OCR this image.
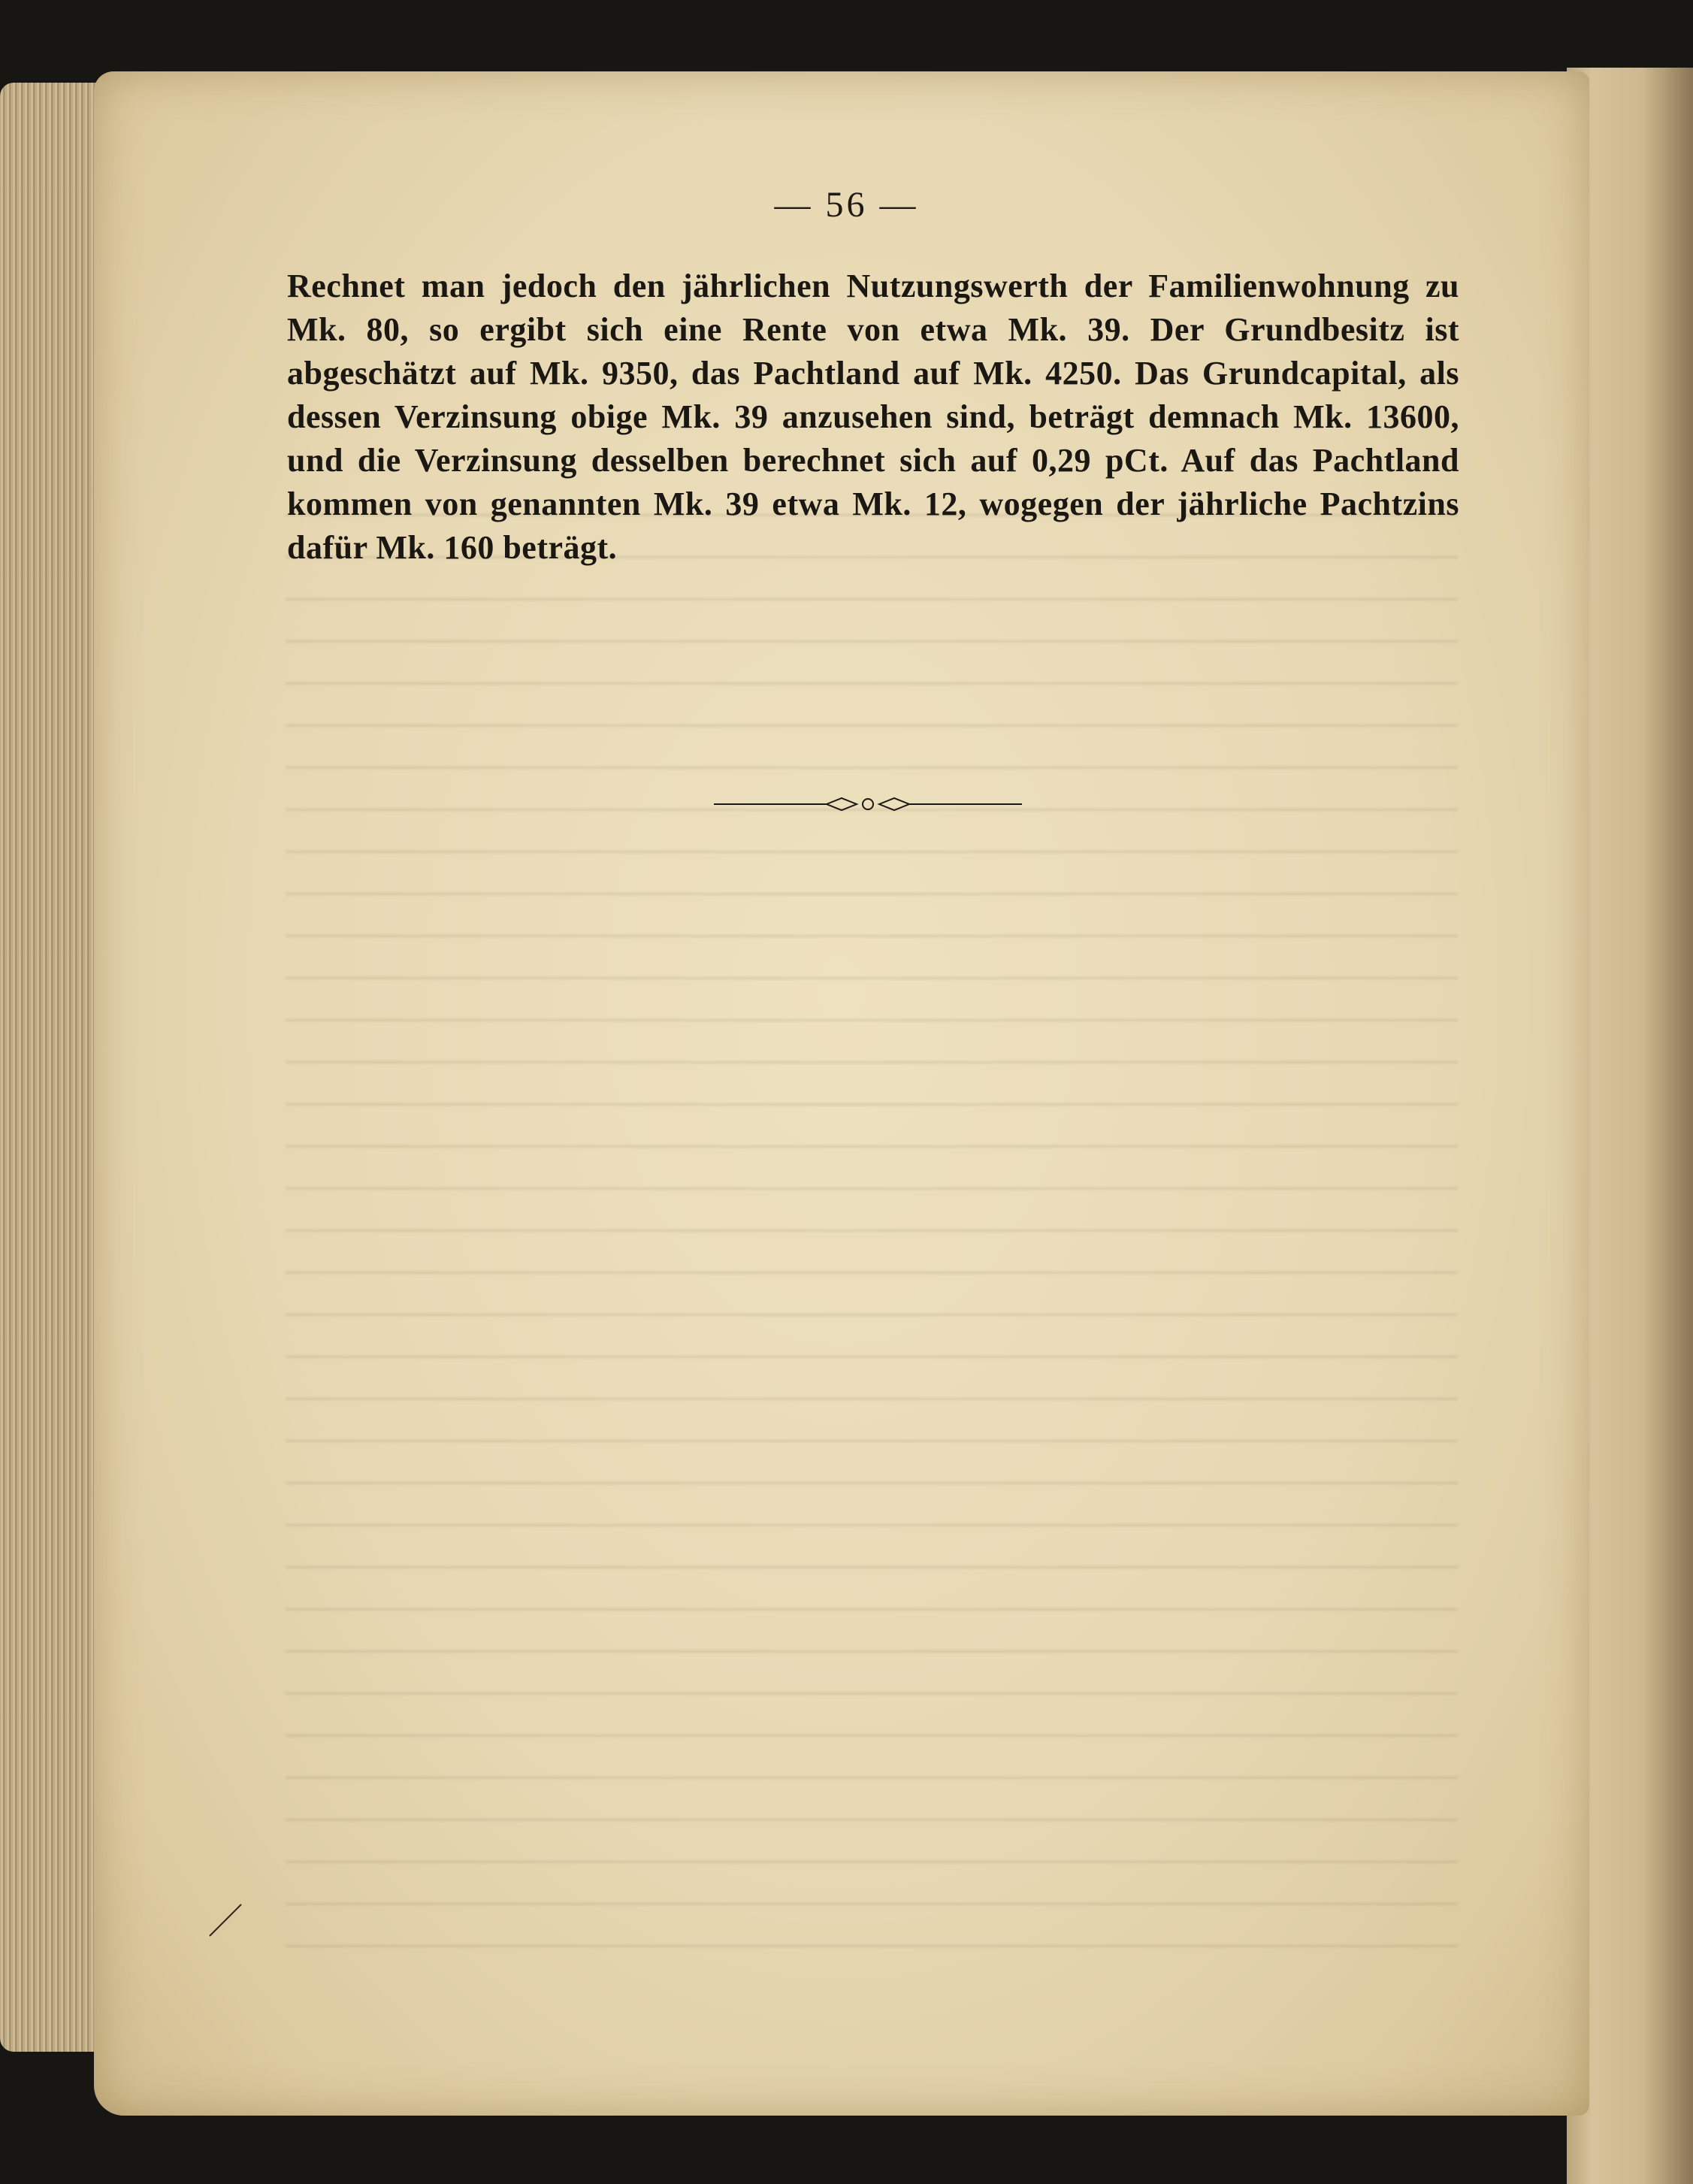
— 56 —

Rechnet man jedoch den jährlichen Nutzungswerth der Familienwohnung zu Mk. 80, so ergibt sich eine Rente von etwa Mk. 39. Der Grundbesitz ist abgeschätzt auf Mk. 9350, das Pachtland auf Mk. 4250. Das Grundcapital, als dessen Verzinsung obige Mk. 39 anzusehen sind, beträgt demnach Mk. 13600, und die Verzinsung desselben berechnet sich auf 0,29 pCt. Auf das Pachtland kommen von genannten Mk. 39 etwa Mk. 12, wogegen der jährliche Pachtzins dafür Mk. 160 beträgt.
